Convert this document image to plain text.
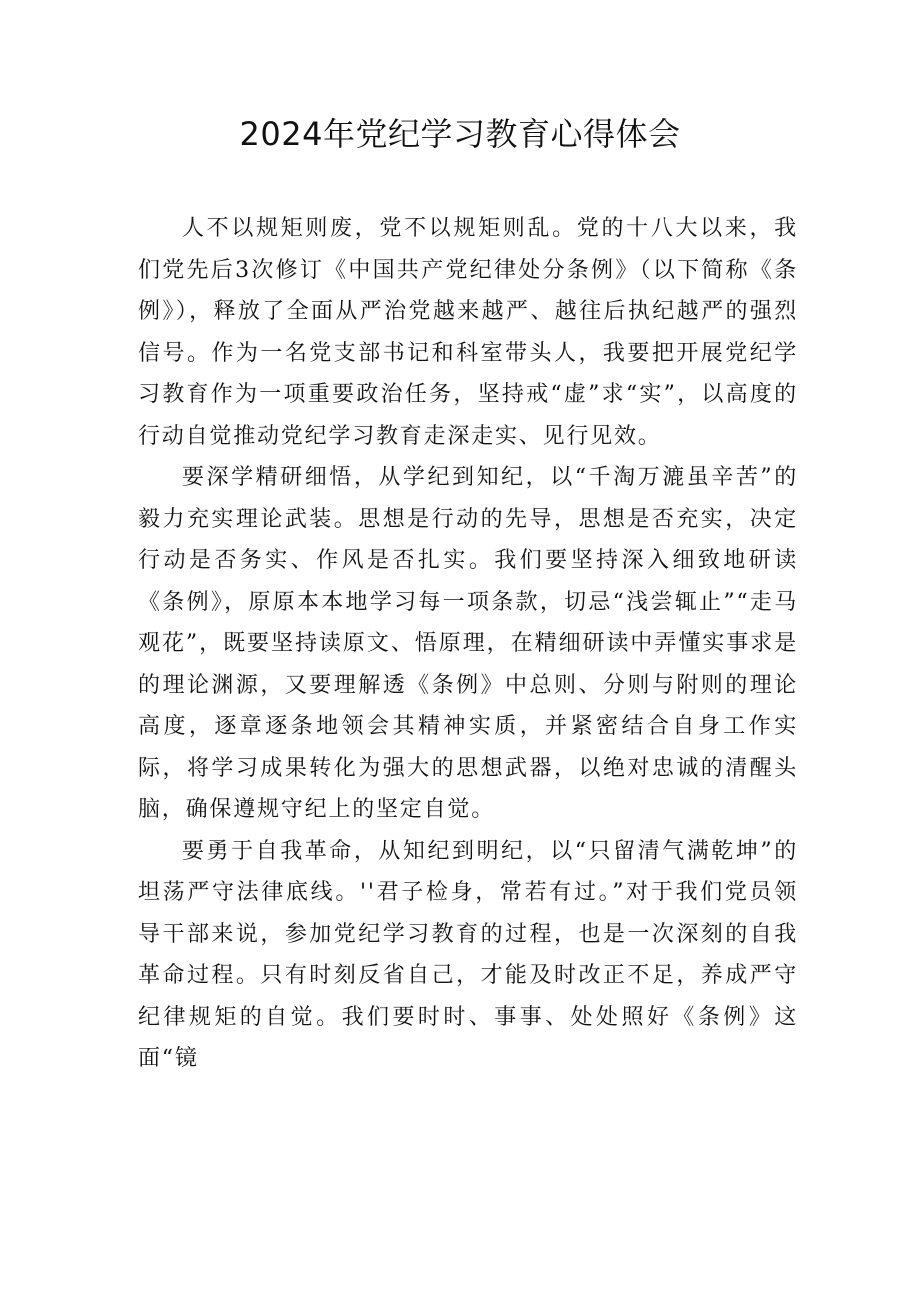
2024年党纪学习教育心得体会

人不以规矩则废，党不以规矩则乱。党的十八大以来，我们党先后3次修订《中国共产党纪律处分条例》（以下简称《条例》），释放了全面从严治党越来越严、越往后执纪越严的强烈信号。作为一名党支部书记和科室带头人，我要把开展党纪学习教育作为一项重要政治任务，坚持戒“虚”求“实”，以高度的行动自觉推动党纪学习教育走深走实、见行见效。

要深学精研细悟，从学纪到知纪，以“千淘万漉虽辛苦”的毅力充实理论武装。思想是行动的先导，思想是否充实，决定行动是否务实、作风是否扎实。我们要坚持深入细致地研读《条例》，原原本本地学习每一项条款，切忌“浅尝辄止”“走马观花”，既要坚持读原文、悟原理，在精细研读中弄懂实事求是的理论渊源，又要理解透《条例》中总则、分则与附则的理论高度，逐章逐条地领会其精神实质，并紧密结合自身工作实际，将学习成果转化为强大的思想武器，以绝对忠诚的清醒头脑，确保遵规守纪上的坚定自觉。

要勇于自我革命，从知纪到明纪，以“只留清气满乾坤”的坦荡严守法律底线。''君子检身，常若有过。”对于我们党员领导干部来说，参加党纪学习教育的过程，也是一次深刻的自我革命过程。只有时刻反省自己，才能及时改正不足，养成严守纪律规矩的自觉。我们要时时、事事、处处照好《条例》这面“镜
